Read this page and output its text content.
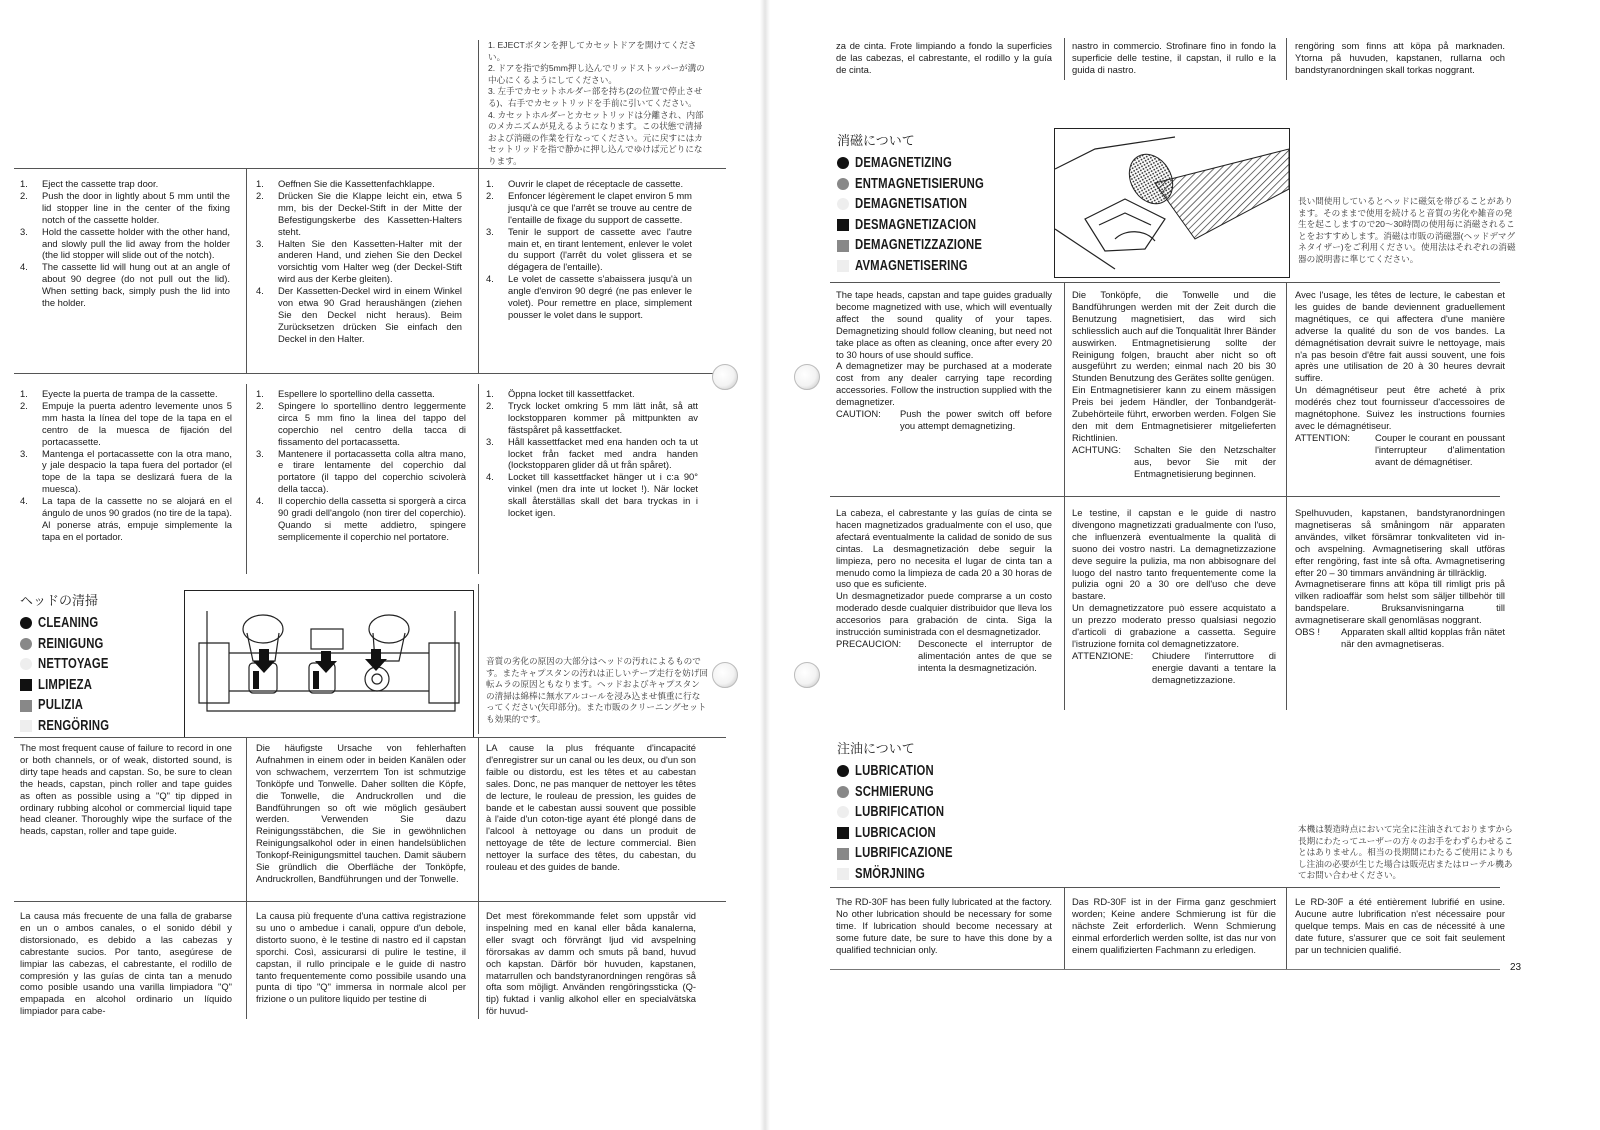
1. EJECTボタンを押してカセットドアを開けてください。

2. ドアを指で約5mm押し込んでリッドストッパーが溝の中心にくるようにしてください。

3. 左手でカセットホルダー部を持ち(2の位置で停止させる)、右手でカセットリッドを手前に引いてください。

4. カセットホルダーとカセットリッドは分離され、内部のメカニズムが見えるようになります。この状態で清掃および消磁の作業を行なってください。元に戻すにはカセットリッドを指で静かに押し込んでゆけば元どりになります。

1.	Eject the cassette trap door.
2.	Push the door in lightly about 5 mm until the lid stopper line in the center of the fixing notch of the cassette holder.
3.	Hold the cassette holder with the other hand, and slowly pull the lid away from the holder (the lid stopper will slide out of the notch).
4.	The cassette lid will hung out at an angle of about 90 degree (do not pull out the lid). When setting back, simply push the lid into the holder.
1.	Oeffnen Sie die Kassettenfachklappe.
2.	Drücken Sie die Klappe leicht ein, etwa 5 mm, bis der Deckel-Stift in der Mitte der Befestigungskerbe des Kassetten-Halters steht.
3.	Halten Sie den Kassetten-Halter mit der anderen Hand, und ziehen Sie den Deckel vorsichtig vom Halter weg (der Deckel-Stift wird aus der Kerbe gleiten).
4.	Der Kassetten-Deckel wird in einem Winkel von etwa 90 Grad heraushängen (ziehen Sie den Deckel nicht heraus). Beim Zurücksetzen drücken Sie einfach den Deckel in den Halter.
1.	Ouvrir le clapet de réceptacle de cassette.
2.	Enfoncer légèrement le clapet environ 5 mm jusqu'à ce que l'arrêt se trouve au centre de l'entaille de fixage du support de cassette.
3.	Tenir le support de cassette avec l'autre main et, en tirant lentement, enlever le volet du support (l'arrêt du volet glissera et se dégagera de l'entaille).
4.	Le volet de cassette s'abaissera jusqu'à un angle d'environ 90 degré (ne pas enlever le volet). Pour remettre en place, simplement pousser le volet dans le support.
1.	Eyecte la puerta de trampa de la cassette.
2.	Empuje la puerta adentro levemente unos 5 mm hasta la línea del tope de la tapa en el centro de la muesca de fijación del portacassette.
3.	Mantenga el portacassette con la otra mano, y jale despacio la tapa fuera del portador (el tope de la tapa se deslizará fuera de la muesca).
4.	La tapa de la cassette no se alojará en el ángulo de unos 90 grados (no tire de la tapa). Al ponerse atrás, empuje simplemente la tapa en el portador.
1.	Espellere lo sportellino della cassetta.
2.	Spingere lo sportellino dentro leggermente circa 5 mm fino la linea del tappo del coperchio nel centro della tacca di fissamento del portacassetta.
3.	Mantenere il portacassetta colla altra mano, e tirare lentamente del coperchio dal portatore (il tappo del coperchio scivolerà della tacca).
4.	Il coperchio della cassetta si sporgerà a circa 90 gradi dell'angolo (non tirer del coperchio). Quando si mette addietro, spingere semplicemente il coperchio nel portatore.
1.	Öppna locket till kassettfacket.
2.	Tryck locket omkring 5 mm lätt inåt, så att lockstopparen kommer på mittpunkten av fästspåret på kassettfacket.
3.	Håll kassettfacket med ena handen och ta ut locket från facket med andra handen (lockstopparen glider då ut från spåret).
4.	Locket till kassettfacket hänger ut i c:a 90° vinkel (men dra inte ut locket !). När locket skall återställas skall det bara tryckas in i locket igen.
ヘッドの清掃
CLEANING
REINIGUNG
NETTOYAGE
LIMPIEZA
PULIZIA
RENGÖRING

音質の劣化の原因の大部分はヘッドの汚れによるものです。またキャプスタンの汚れは正しいテープ走行を妨げ回転ムラの原因ともなります。ヘッドおよびキャプスタンの清掃は綿棒に無水アルコールを浸み込ませ慎重に行なってください(矢印部分)。また市販のクリーニングセットも効果的です。

The most frequent cause of failure to record in one or both channels, or of weak, distorted sound, is dirty tape heads and capstan. So, be sure to clean the heads, capstan, pinch roller and tape guides as often as possible using a "Q" tip dipped in ordinary rubbing alcohol or commercial liquid tape head cleaner. Thoroughly wipe the surface of the heads, capstan, roller and tape guide.

Die häufigste Ursache von fehlerhaften Aufnahmen in einem oder in beiden Kanälen oder von schwachem, verzerrtem Ton ist schmutzige Tonköpfe und Tonwelle. Daher sollten die Köpfe, die Tonwelle, die Andruckrollen und die Bandführungen so oft wie möglich gesäubert werden. Verwenden Sie dazu Reinigungsstäbchen, die Sie in gewöhnlichen Reinigungsalkohol oder in einen handelsüblichen Tonkopf-Reinigungsmittel tauchen. Damit säubern Sie gründlich die Oberfläche der Tonköpfe, Andruckrollen, Bandführungen und der Tonwelle.

LA cause la plus fréquante d'incapacité d'enregistrer sur un canal ou les deux, ou d'un son faible ou distordu, est les têtes et au cabestan sales. Donc, ne pas manquer de nettoyer les têtes de lecture, le rouleau de pression, les guides de bande et le cabestan aussi souvent que possible à l'aide d'un coton-tige ayant été plongé dans de l'alcool à nettoyage ou dans un produit de nettoyage de tête de lecture commercial. Bien nettoyer la surface des têtes, du cabestan, du rouleau et des guides de bande.

La causa más frecuente de una falla de grabarse en un o ambos canales, o el sonido débil y distorsionado, es debido a las cabezas y cabrestante sucios. Por tanto, asegúrese de limpiar las cabezas, el cabrestante, el rodillo de compresión y las guías de cinta tan a menudo como posible usando una varilla limpiadora "Q" empapada en alcohol ordinario un líquido limpiador para cabe-

La causa più frequente d'una cattiva registrazione su uno o ambedue i canali, oppure d'un debole, distorto suono, è le testine di nastro ed il capstan sporchi. Così, assicurarsi di pulire le testine, il capstan, il rullo principale e le guide di nastro tanto frequentemente como possibile usando una punta di tipo "Q" immersa in normale alcol per frizione o un pulitore liquido per testine di

Det mest förekommande felet som uppstår vid inspelning med en kanal eller båda kanalerna, eller svagt och förvrängt ljud vid avspelning förorsakas av damm och smuts på band, huvud och kapstan. Därför bör huvuden, kapstanen, matarrullen och bandstyranordningen rengöras så ofta som möjligt. Använden rengöringssticka (Q-tip) fuktad i vanlig alkohol eller en specialvätska för huvud-

za de cinta. Frote limpiando a fondo la superficies de las cabezas, el cabrestante, el rodillo y la guía de cinta.

nastro in commercio. Strofinare fino in fondo la superficie delle testine, il capstan, il rullo e la guida di nastro.

rengöring som finns att köpa på marknaden. Ytorna på huvuden, kapstanen, rullarna och bandstyranordningen skall torkas noggrant.

消磁について
DEMAGNETIZING
ENTMAGNETISIERUNG
DEMAGNETISATION
DESMAGNETIZACION
DEMAGNETIZZAZIONE
AVMAGNETISERING

長い間使用しているとヘッドに磁気を帯びることがあります。そのままで使用を続けると音質の劣化や雑音の発生を起こしますので20〜30時間の使用毎に消磁されることをおすすめします。消磁は市販の消磁器(ヘッドデマグネタイザー)をご利用ください。使用法はそれぞれの消磁器の説明書に準じてください。

The tape heads, capstan and tape guides gradually become magnetized with use, which will eventually affect the sound quality of your tapes. Demagnetizing should follow cleaning, but need not take place as often as cleaning, once after every 20 to 30 hours of use should suffice.

A demagnetizer may be purchased at a moderate cost from any dealer carrying tape recording accessories. Follow the instruction supplied with the demagnetizer.

CAUTION:	Push the power switch off before you attempt demagnetizing.

Die Tonköpfe, die Tonwelle und die Bandführungen werden mit der Zeit durch die Benutzung magnetisiert, das wird sich schliesslich auch auf die Tonqualität Ihrer Bänder auswirken. Entmagnetisierung sollte der Reinigung folgen, braucht aber nicht so oft ausgeführt zu werden; einmal nach 20 bis 30 Stunden Benutzung des Gerätes sollte genügen.

Ein Entmagnetisierer kann zu einem mässigen Preis bei jedem Händler, der Tonbandgerät-Zubehörteile führt, erworben werden. Folgen Sie den mit dem Entmagnetisierer mitgelieferten Richtlinien.

ACHTUNG:	Schalten Sie den Netzschalter aus, bevor Sie mit der Entmagnetisierung beginnen.

Avec l'usage, les têtes de lecture, le cabestan et les guides de bande deviennent graduellement magnétiques, ce qui affectera d'une manière adverse la qualité du son de vos bandes. La démagnétisation devrait suivre le nettoyage, mais n'a pas besoin d'être fait aussi souvent, une fois après une utilisation de 20 à 30 heures devrait suffire.

Un démagnétiseur peut être acheté à prix modérés chez tout fournisseur d'accessoires de magnétophone. Suivez les instructions fournies avec le démagnétiseur.

ATTENTION:	Couper le courant en poussant l'interrupteur d'alimentation avant de démagnétiser.

La cabeza, el cabrestante y las guías de cinta se hacen magnetizados gradualmente con el uso, que afectará eventualmente la calidad de sonido de sus cintas. La desmagnetización debe seguir la limpieza, pero no necesita el lugar de cinta tan a menudo como la limpieza de cada 20 a 30 horas de uso que es suficiente.

Un desmagnetizador puede comprarse a un costo moderado desde cualquier distribuidor que lleva los accesorios para grabación de cinta. Siga la instrucción suministrada con el desmagnetizador.

PRECAUCION:	Desconecte el interruptor de alimentación antes de que se intenta la desmagnetización.

Le testine, il capstan e le guide di nastro divengono magnetizzati gradualmente con l'uso, che influenzerà eventualmente la qualità di suono dei vostro nastri. La demagnetizzazione deve seguire la pulizia, ma non abbisognare del luogo del nastro tanto frequentemente come la pulizia ogni 20 a 30 ore dell'uso che deve bastare.

Un demagnetizzatore può essere acquistato a un prezzo moderato presso qualsiasi negozio d'articoli di grabazione a cassetta. Seguire l'istruzione fornita col demagnetizzatore.

ATTENZIONE:	Chiudere l'interruttore di energie davanti a tentare la demagnetizzazione.

Spelhuvuden, kapstanen, bandstyranordningen magnetiseras så småningom när apparaten användes, vilket försämrar tonkvaliteten vid in- och avspelning. Avmagnetisering skall utföras efter rengöring, fast inte så ofta. Avmagnetisering efter 20 – 30 timmars användning är tillräcklig.

Avmagnetiserare finns att köpa till rimligt pris på vilken radioaffär som helst som säljer tillbehör till bandspelare. Bruksanvisningarna till avmagnetiserare skall genomläsas noggrant.

OBS !	Apparaten skall alltid kopplas från nätet när den avmagnetiseras.
注油について
LUBRICATION
SCHMIERUNG
LUBRIFICATION
LUBRICACION
LUBRIFICAZIONE
SMÖRJNING

本機は製造時点において完全に注油されておりますから長期にわたってユーザーの方々のお手をわずらわせることはありません。相当の長期間にわたるご使用によりもし注油の必要が生じた場合は販売店またはローテル機あてお問い合わせください。

The RD-30F has been fully lubricated at the factory. No other lubrication should be necessary for some time. If lubrication should become necessary at some future date, be sure to have this done by a qualified technician only.

Das RD-30F ist in der Firma ganz geschmiert worden; Keine andere Schmierung ist für die nächste Zeit erforderlich. Wenn Schmierung einmal erforderlich werden sollte, ist das nur von einem qualifizierten Fachmann zu erledigen.

Le RD-30F a été entièrement lubrifié en usine. Aucune autre lubrification n'est nécessaire pour quelque temps. Mais en cas de nécessité à une date future, s'assurer que ce soit fait seulement par un technicien qualifié.

23
